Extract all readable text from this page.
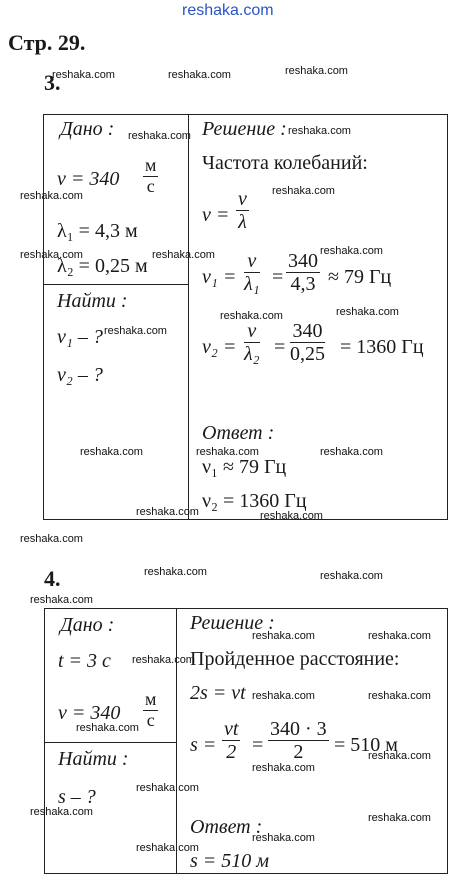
reshaka.com
Стр. 29.
3.
Дано :
v = 340
м
с
λ₁ = 4,3 м
λ₂ = 0,25 м
Найти :
ν₁ – ?
ν₂ – ?
Решение :
Частота колебаний:
$\nu = \frac{v}{\lambda}$
$\nu_1 = \frac{v}{\text{λ₁}} = \frac{340}{4,3} \approx 79$ Гц
$\nu_2 = \frac{v}{\text{λ₂}} = \frac{340}{0,25} = 1360$ Гц
Ответ :
ν₁ ≈ 79 Гц
ν₂ = 1360 Гц
4.
Дано :
t = 3 с
v = 340
м
с
Найти :
s – ?
Решение :
Пройденное расстояние:
2s = vt
$s = \frac{vt}{2} = \frac{340 \cdot 3}{2} = 510$ м
Ответ :
s = 510 м
reshaka.com	reshaka.com	reshaka.com
reshaka.com	reshaka.com
reshaka.com	reshaka.com
reshaka.com	reshaka.com	reshaka.com
reshaka.com	reshaka.com
reshaka.com
reshaka.com	reshaka.com	reshaka.com
reshaka.com	reshaka.com
reshaka.com
reshaka.com	reshaka.com
reshaka.com
reshaka.com	reshaka.com
reshaka.com
reshaka.com	reshaka.com
reshaka.com
reshaka.com
reshaka.com
reshaka.com
reshaka.com
reshaka.com
reshaka.com
reshaka.com
